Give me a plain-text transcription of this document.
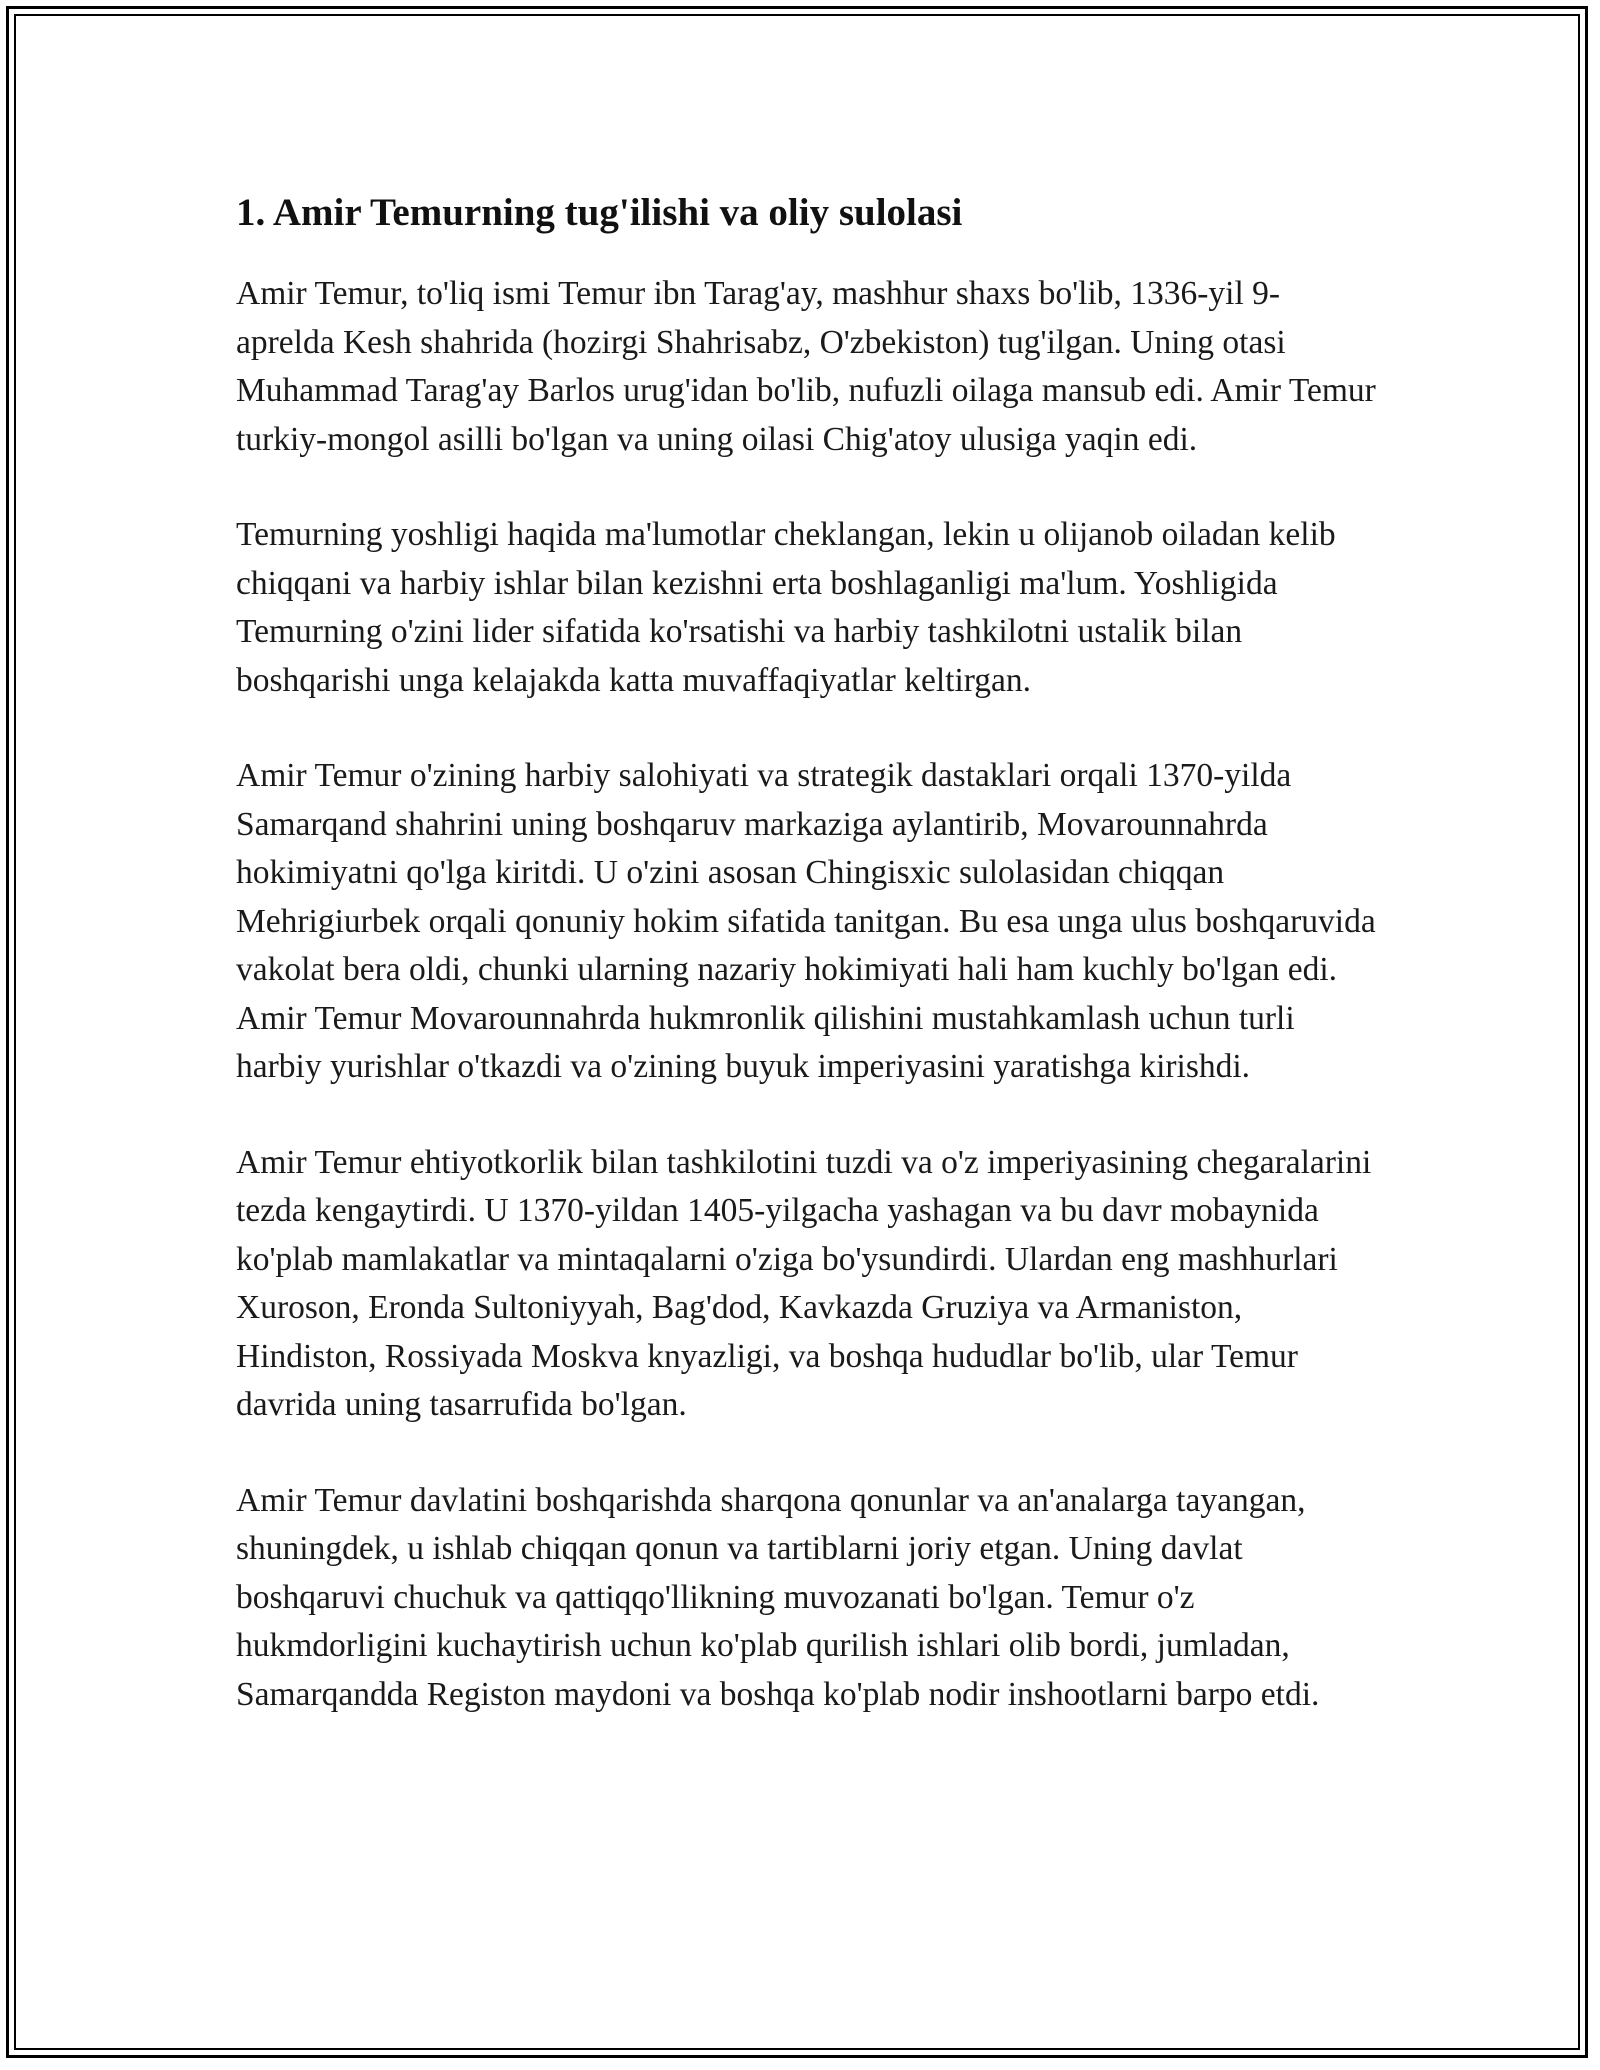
1. Amir Temurning tug'ilishi va oliy sulolasi

Amir Temur, to'liq ismi Temur ibn Tarag'ay, mashhur shaxs bo'lib, 1336-yil 9-aprelda Kesh shahrida (hozirgi Shahrisabz, O'zbekiston) tug'ilgan. Uning otasi Muhammad Tarag'ay Barlos urug'idan bo'lib, nufuzli oilaga mansub edi. Amir Temur turkiy-mongol asilli bo'lgan va uning oilasi Chig'atoy ulusiga yaqin edi.

Temurning yoshligi haqida ma'lumotlar cheklangan, lekin u olijanob oiladan kelib chiqqani va harbiy ishlar bilan kezishni erta boshlaganligi ma'lum. Yoshligida Temurning o'zini lider sifatida ko'rsatishi va harbiy tashkilotni ustalik bilan boshqarishi unga kelajakda katta muvaffaqiyatlar keltirgan.

Amir Temur o'zining harbiy salohiyati va strategik dastaklari orqali 1370-yilda Samarqand shahrini uning boshqaruv markaziga aylantirib, Movarounnahrda hokimiyatni qo'lga kiritdi. U o'zini asosan Chingisxic sulolasidan chiqqan Mehrigiurbek orqali qonuniy hokim sifatida tanitgan. Bu esa unga ulus boshqaruvida vakolat bera oldi, chunki ularning nazariy hokimiyati hali ham kuchly bo'lgan edi. Amir Temur Movarounnahrda hukmronlik qilishini mustahkamlash uchun turli harbiy yurishlar o'tkazdi va o'zining buyuk imperiyasini yaratishga kirishdi.

Amir Temur ehtiyotkorlik bilan tashkilotini tuzdi va o'z imperiyasining chegaralarini tezda kengaytirdi. U 1370-yildan 1405-yilgacha yashagan va bu davr mobaynida ko'plab mamlakatlar va mintaqalarni o'ziga bo'ysundirdi. Ulardan eng mashhurlari Xuroson, Eronda Sultoniyyah, Bag'dod, Kavkazda Gruziya va Armaniston, Hindiston, Rossiyada Moskva knyazligi, va boshqa hududlar bo'lib, ular Temur davrida uning tasarrufida bo'lgan.

Amir Temur davlatini boshqarishda sharqona qonunlar va an'analarga tayangan, shuningdek, u ishlab chiqqan qonun va tartiblarni joriy etgan. Uning davlat boshqaruvi chuchuk va qattiqqo'llikning muvozanati bo'lgan. Temur o'z hukmdorligini kuchaytirish uchun ko'plab qurilish ishlari olib bordi, jumladan, Samarqandda Registon maydoni va boshqa ko'plab nodir inshootlarni barpo etdi.
